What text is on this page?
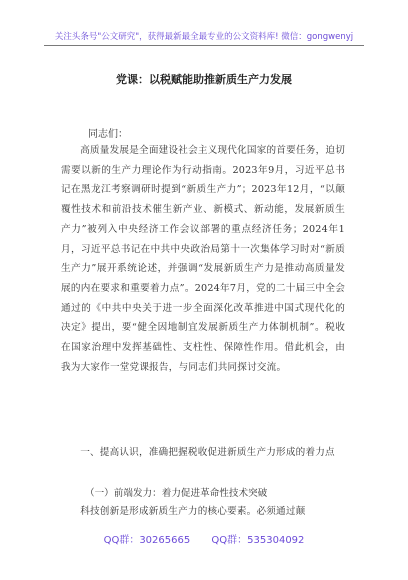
关注头条号"公文研究"，获得最新最全最专业的公文资料库! 微信：gongwenyj
党课：以税赋能助推新质生产力发展
同志们：
高质量发展是全面建设社会主义现代化国家的首要任务，迫切需要以新的生产力理论作为行动指南。2023年9月，习近平总书记在黑龙江考察调研时提到“新质生产力”；2023年12月，“以颠覆性技术和前沿技术催生新产业、新模式、新动能，发展新质生产力”被列入中央经济工作会议部署的重点经济任务；2024年1月，习近平总书记在中共中央政治局第十一次集体学习时对“新质生产力”展开系统论述，并强调“发展新质生产力是推动高质量发展的内在要求和重要着力点”。2024年7月，党的二十届三中全会通过的《中共中央关于进一步全面深化改革推进中国式现代化的决定》提出，要“健全因地制宜发展新质生产力体制机制”。税收在国家治理中发挥基础性、支柱性、保障性作用。借此机会，由我为大家作一堂党课报告，与同志们共同探讨交流。
一、提高认识，准确把握税收促进新质生产力形成的着力点
（一）前端发力：着力促进革命性技术突破
科技创新是形成新质生产力的核心要素。必须通过颠
QQ群：30265665 QQ群：535304092
